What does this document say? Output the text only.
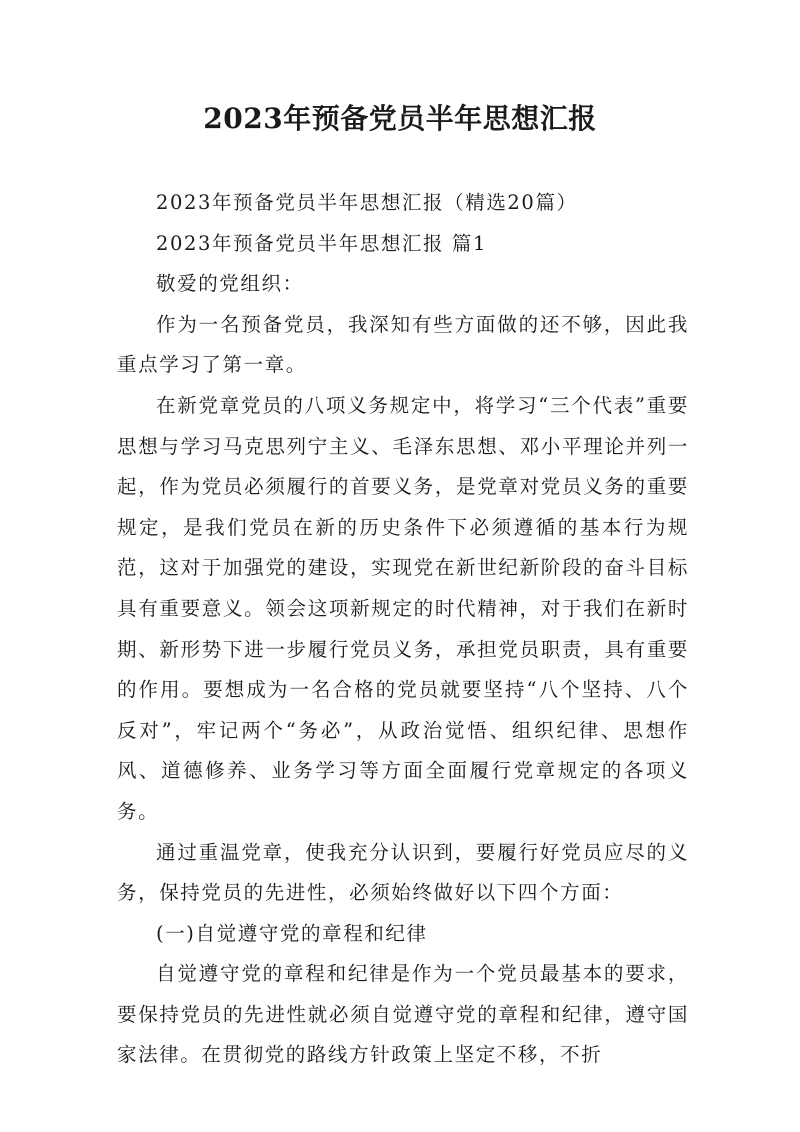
2023年预备党员半年思想汇报

2023年预备党员半年思想汇报（精选20篇）

2023年预备党员半年思想汇报 篇1

敬爱的党组织：

作为一名预备党员，我深知有些方面做的还不够，因此我重点学习了第一章。

在新党章党员的八项义务规定中，将学习“三个代表”重要思想与学习马克思列宁主义、毛泽东思想、邓小平理论并列一起，作为党员必须履行的首要义务，是党章对党员义务的重要规定，是我们党员在新的历史条件下必须遵循的基本行为规范，这对于加强党的建设，实现党在新世纪新阶段的奋斗目标具有重要意义。领会这项新规定的时代精神，对于我们在新时期、新形势下进一步履行党员义务，承担党员职责，具有重要的作用。要想成为一名合格的党员就要坚持“八个坚持、八个反对”，牢记两个“务必”，从政治觉悟、组织纪律、思想作风、道德修养、业务学习等方面全面履行党章规定的各项义务。

通过重温党章，使我充分认识到，要履行好党员应尽的义务，保持党员的先进性，必须始终做好以下四个方面：

(一)自觉遵守党的章程和纪律

自觉遵守党的章程和纪律是作为一个党员最基本的要求，要保持党员的先进性就必须自觉遵守党的章程和纪律，遵守国家法律。在贯彻党的路线方针政策上坚定不移，不折
